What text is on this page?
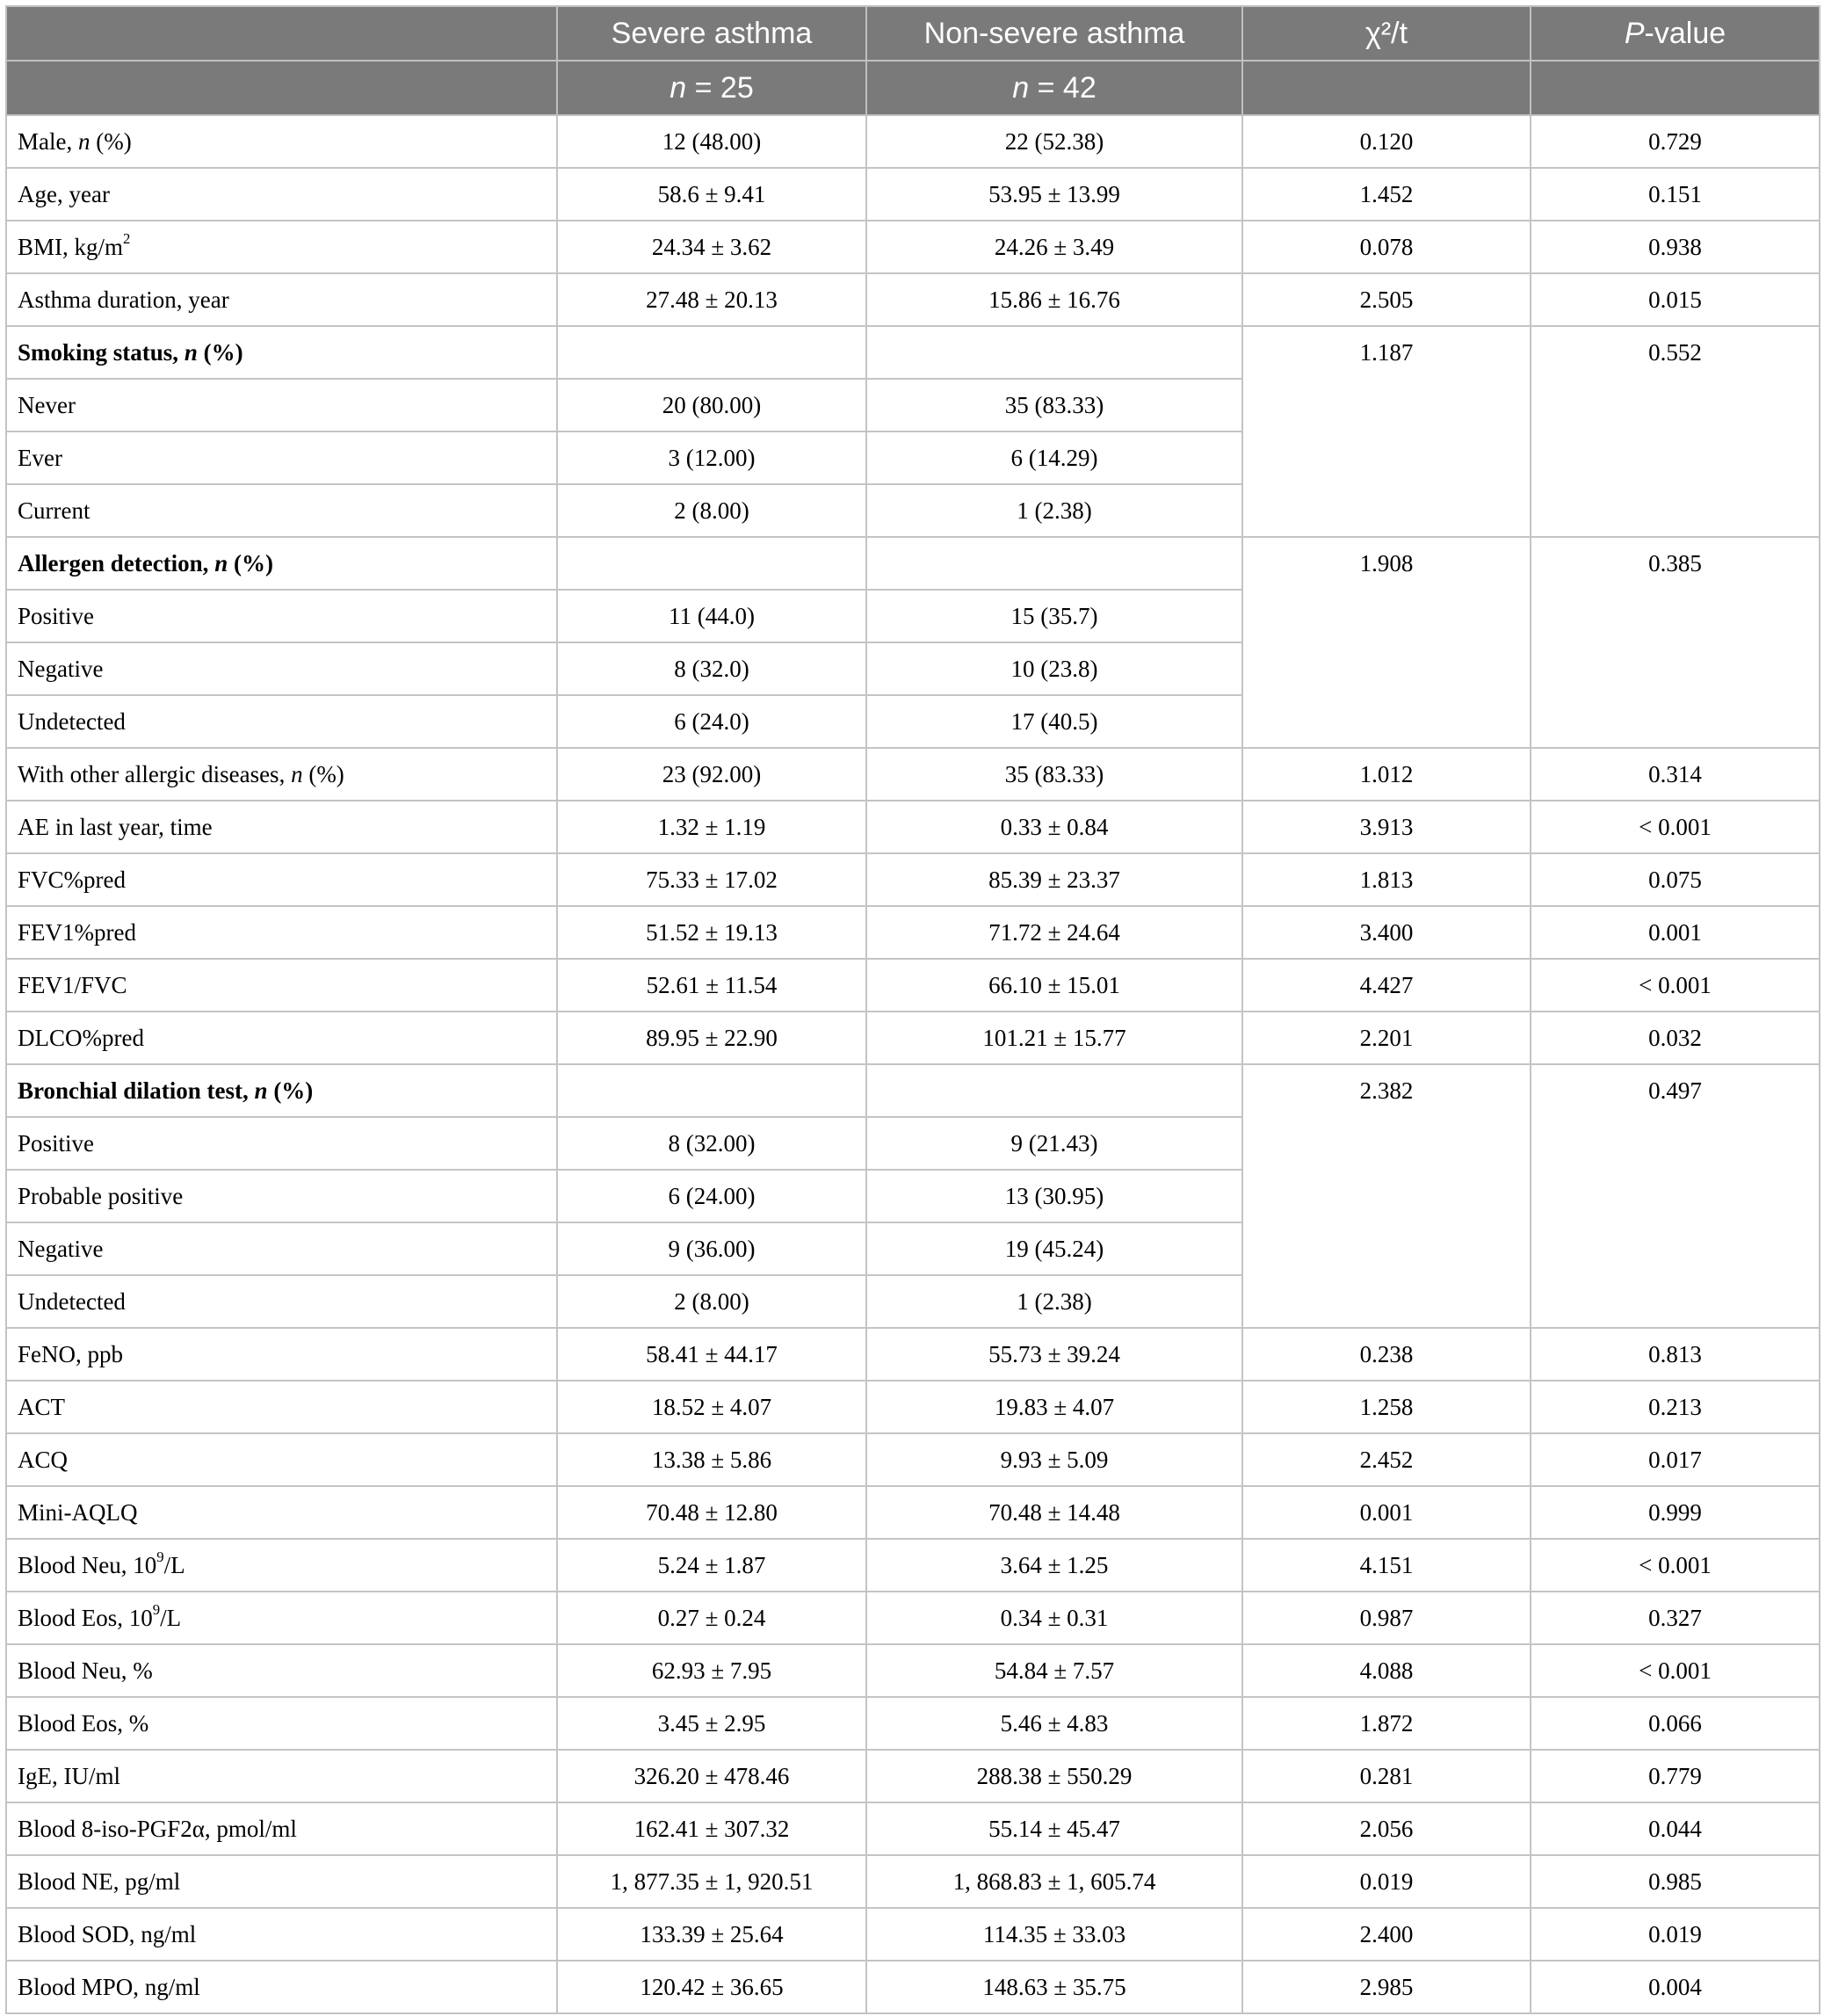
	Severe asthma	Non-severe asthma	χ²/t	P-value
	n = 25	n = 42		
Male, n (%)	12 (48.00)	22 (52.38)	0.120	0.729
Age, year	58.6 ± 9.41	53.95 ± 13.99	1.452	0.151
BMI, $kg/m^2$	24.34 ± 3.62	24.26 ± 3.49	0.078	0.938
Asthma duration, year	27.48 ± 20.13	15.86 ± 16.76	2.505	0.015
Smoking status, n (%)			1.187	0.552
Never	20 (80.00)	35 (83.33)		
Ever	3 (12.00)	6 (14.29)		
Current	2 (8.00)	1 (2.38)		
Allergen detection, n (%)			1.908	0.385
Positive	11 (44.0)	15 (35.7)		
Negative	8 (32.0)	10 (23.8)		
Undetected	6 (24.0)	17 (40.5)		
With other allergic diseases, n (%)	23 (92.00)	35 (83.33)	1.012	0.314
AE in last year, time	1.32 ± 1.19	0.33 ± 0.84	3.913	< 0.001
FVC%pred	75.33 ± 17.02	85.39 ± 23.37	1.813	0.075
FEV1%pred	51.52 ± 19.13	71.72 ± 24.64	3.400	0.001
FEV1/FVC	52.61 ± 11.54	66.10 ± 15.01	4.427	< 0.001
DLCO%pred	89.95 ± 22.90	101.21 ± 15.77	2.201	0.032
Bronchial dilation test, n (%)			2.382	0.497
Positive	8 (32.00)	9 (21.43)		
Probable positive	6 (24.00)	13 (30.95)		
Negative	9 (36.00)	19 (45.24)		
Undetected	2 (8.00)	1 (2.38)		
FeNO, ppb	58.41 ± 44.17	55.73 ± 39.24	0.238	0.813
ACT	18.52 ± 4.07	19.83 ± 4.07	1.258	0.213
ACQ	13.38 ± 5.86	9.93 ± 5.09	2.452	0.017
Mini-AQLQ	70.48 ± 12.80	70.48 ± 14.48	0.001	0.999
Blood Neu, $10^9/L$	5.24 ± 1.87	3.64 ± 1.25	4.151	< 0.001
Blood Eos, $10^9/L$	0.27 ± 0.24	0.34 ± 0.31	0.987	0.327
Blood Neu, %	62.93 ± 7.95	54.84 ± 7.57	4.088	< 0.001
Blood Eos, %	3.45 ± 2.95	5.46 ± 4.83	1.872	0.066
IgE, IU/ml	326.20 ± 478.46	288.38 ± 550.29	0.281	0.779
Blood 8-iso-PGF2α, pmol/ml	162.41 ± 307.32	55.14 ± 45.47	2.056	0.044
Blood NE, pg/ml	1, 877.35 ± 1, 920.51	1, 868.83 ± 1, 605.74	0.019	0.985
Blood SOD, ng/ml	133.39 ± 25.64	114.35 ± 33.03	2.400	0.019
Blood MPO, ng/ml	120.42 ± 36.65	148.63 ± 35.75	2.985	0.004
